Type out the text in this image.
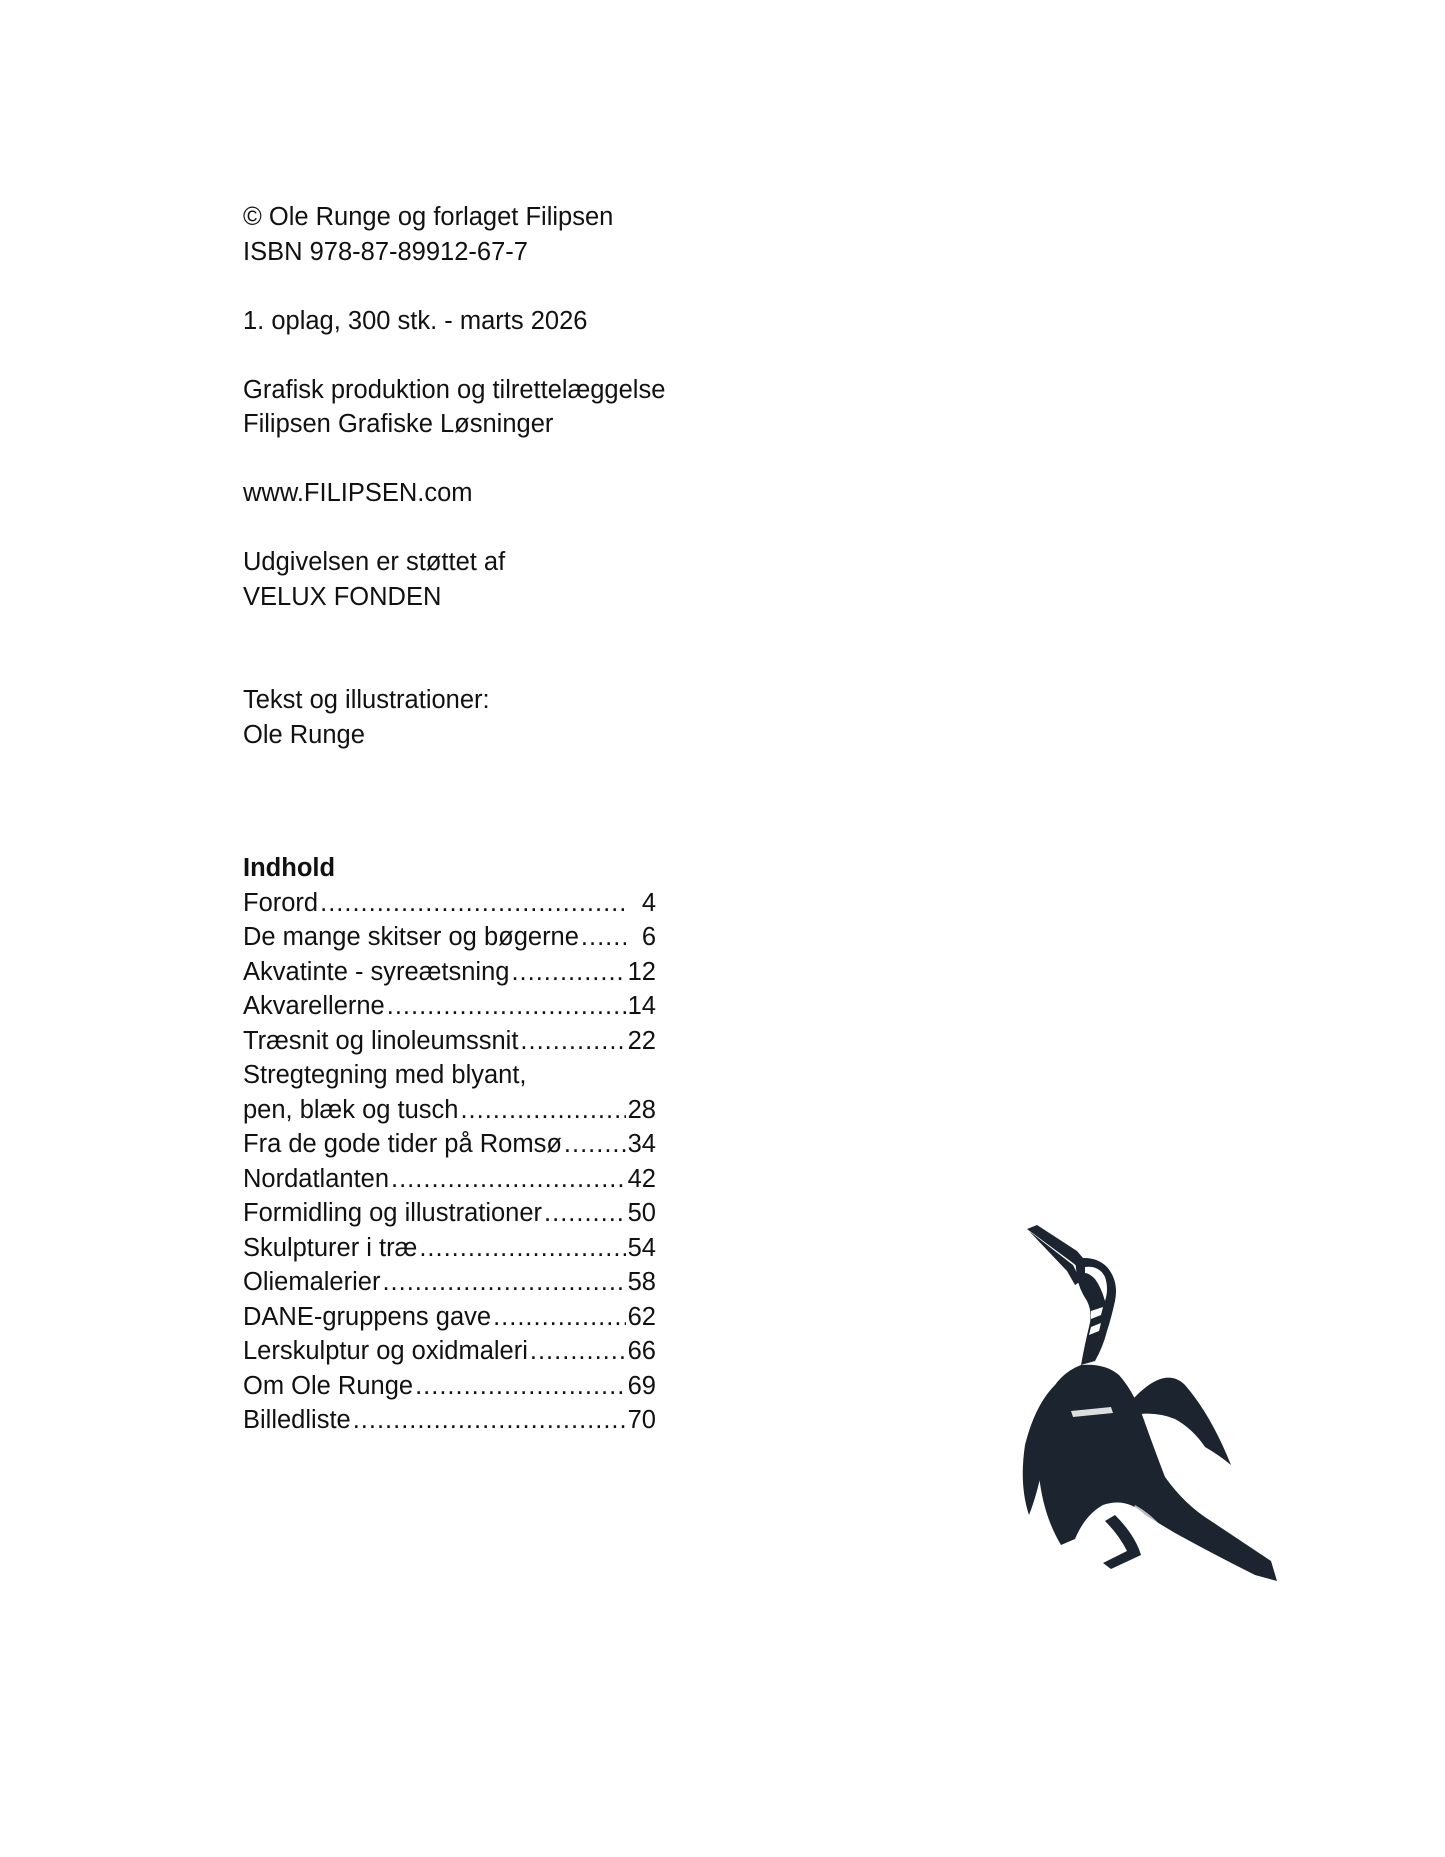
© Ole Runge og forlaget Filipsen

ISBN 978-87-89912-67-7

1. oplag, 300 stk. - marts 2026

Grafisk produktion og tilrettelæggelse

Filipsen Grafiske Løsninger

www.FILIPSEN.com

Udgivelsen er støttet af

VELUX FONDEN

Tekst og illustrationer:

Ole Runge

Indhold

Forord .....	4
De mange skitser og bøgerne .....	6
Akvatinte - syreætsning .....	12
Akvarellerne .....	14
Træsnit og linoleumssnit .....	22
Stregtegning med blyant,
pen, blæk og tusch .....	28
Fra de gode tider på Romsø .....	34
Nordatlanten .....	42
Formidling og illustrationer .....	50
Skulpturer i træ .....	54
Oliemalerier .....	58
DANE-gruppens gave .....	62
Lerskulptur og oxidmaleri .....	66
Om Ole Runge .....	69
Billedliste .....	70
